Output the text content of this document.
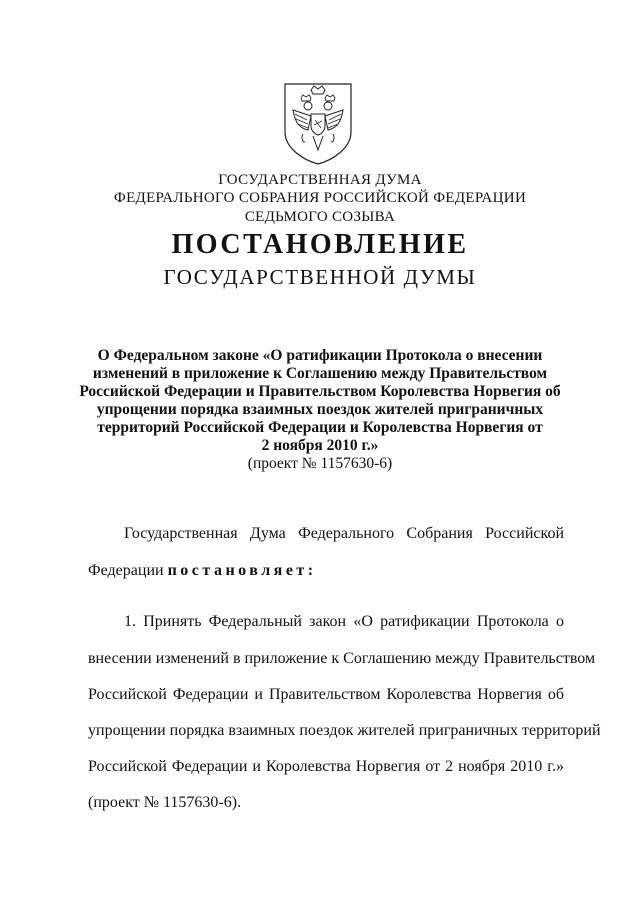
ГОСУДАРСТВЕННАЯ ДУМА
ФЕДЕРАЛЬНОГО СОБРАНИЯ РОССИЙСКОЙ ФЕДЕРАЦИИ
СЕДЬМОГО СОЗЫВА
ПОСТАНОВЛЕНИЕ
ГОСУДАРСТВЕННОЙ ДУМЫ
О Федеральном законе «О ратификации Протокола о внесении
изменений в приложение к Соглашению между Правительством
Российской Федерации и Правительством Королевства Норвегия об
упрощении порядка взаимных поездок жителей приграничных
территорий Российской Федерации и Королевства Норвегия от
2 ноября 2010 г.»
(проект № 1157630-6)
Государственная Дума Федерального Собрания Российской
Федерации постановляет:
1. Принять Федеральный закон «О ратификации Протокола о
внесении изменений в приложение к Соглашению между Правительством
Российской Федерации и Правительством Королевства Норвегия об
упрощении порядка взаимных поездок жителей приграничных территорий
Российской Федерации и Королевства Норвегия от 2 ноября 2010 г.»
(проект № 1157630-6).
